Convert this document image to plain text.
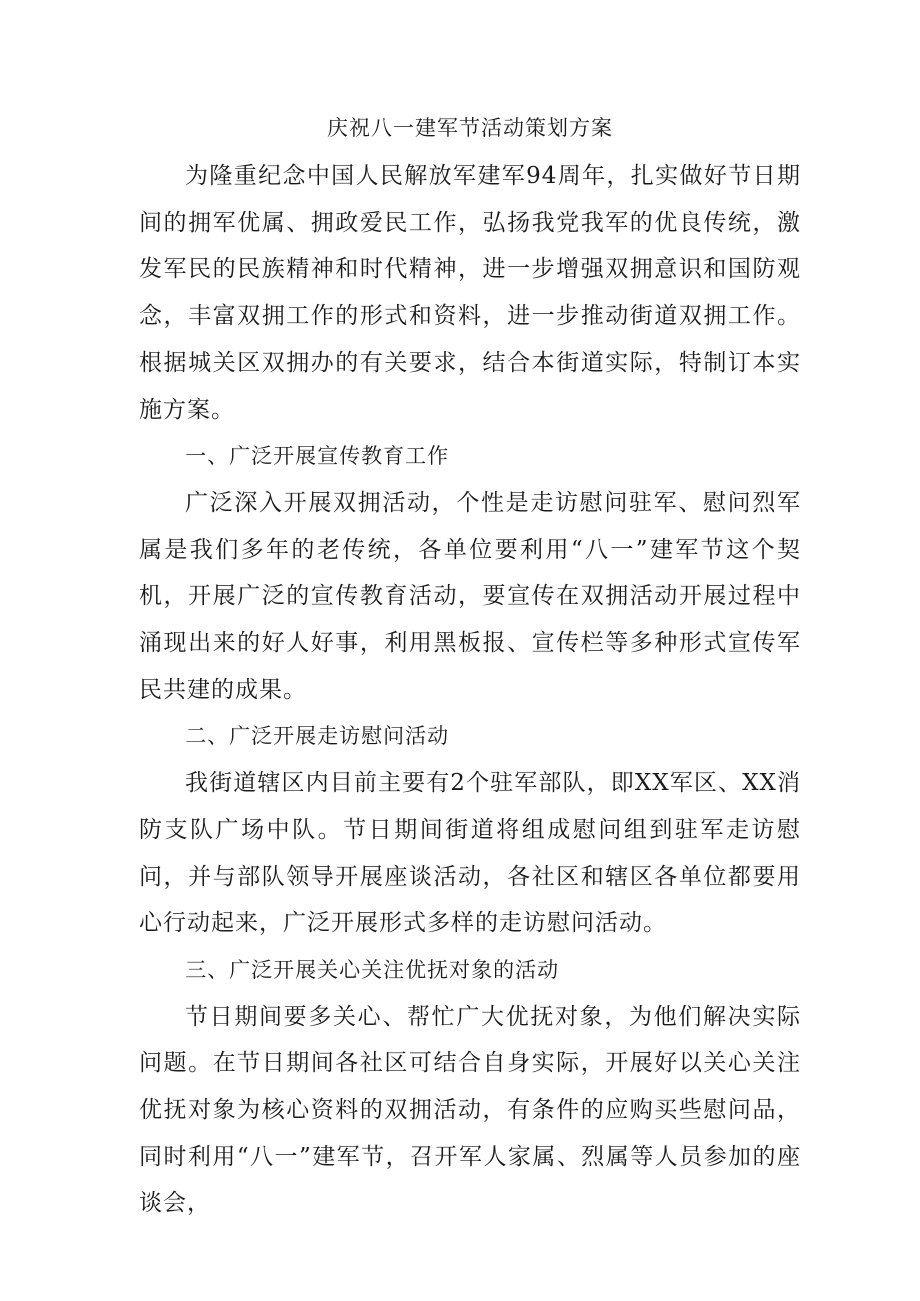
庆祝八一建军节活动策划方案

为隆重纪念中国人民解放军建军94周年，扎实做好节日期间的拥军优属、拥政爱民工作，弘扬我党我军的优良传统，激发军民的民族精神和时代精神，进一步增强双拥意识和国防观念，丰富双拥工作的形式和资料，进一步推动街道双拥工作。根据城关区双拥办的有关要求，结合本街道实际，特制订本实施方案。

一、广泛开展宣传教育工作

广泛深入开展双拥活动，个性是走访慰问驻军、慰问烈军属是我们多年的老传统，各单位要利用“八一”建军节这个契机，开展广泛的宣传教育活动，要宣传在双拥活动开展过程中涌现出来的好人好事，利用黑板报、宣传栏等多种形式宣传军民共建的成果。

二、广泛开展走访慰问活动

我街道辖区内目前主要有2个驻军部队，即XX军区、XX消防支队广场中队。节日期间街道将组成慰问组到驻军走访慰问，并与部队领导开展座谈活动，各社区和辖区各单位都要用心行动起来，广泛开展形式多样的走访慰问活动。

三、广泛开展关心关注优抚对象的活动

节日期间要多关心、帮忙广大优抚对象，为他们解决实际问题。在节日期间各社区可结合自身实际，开展好以关心关注优抚对象为核心资料的双拥活动，有条件的应购买些慰问品，同时利用“八一”建军节，召开军人家属、烈属等人员参加的座谈会，
